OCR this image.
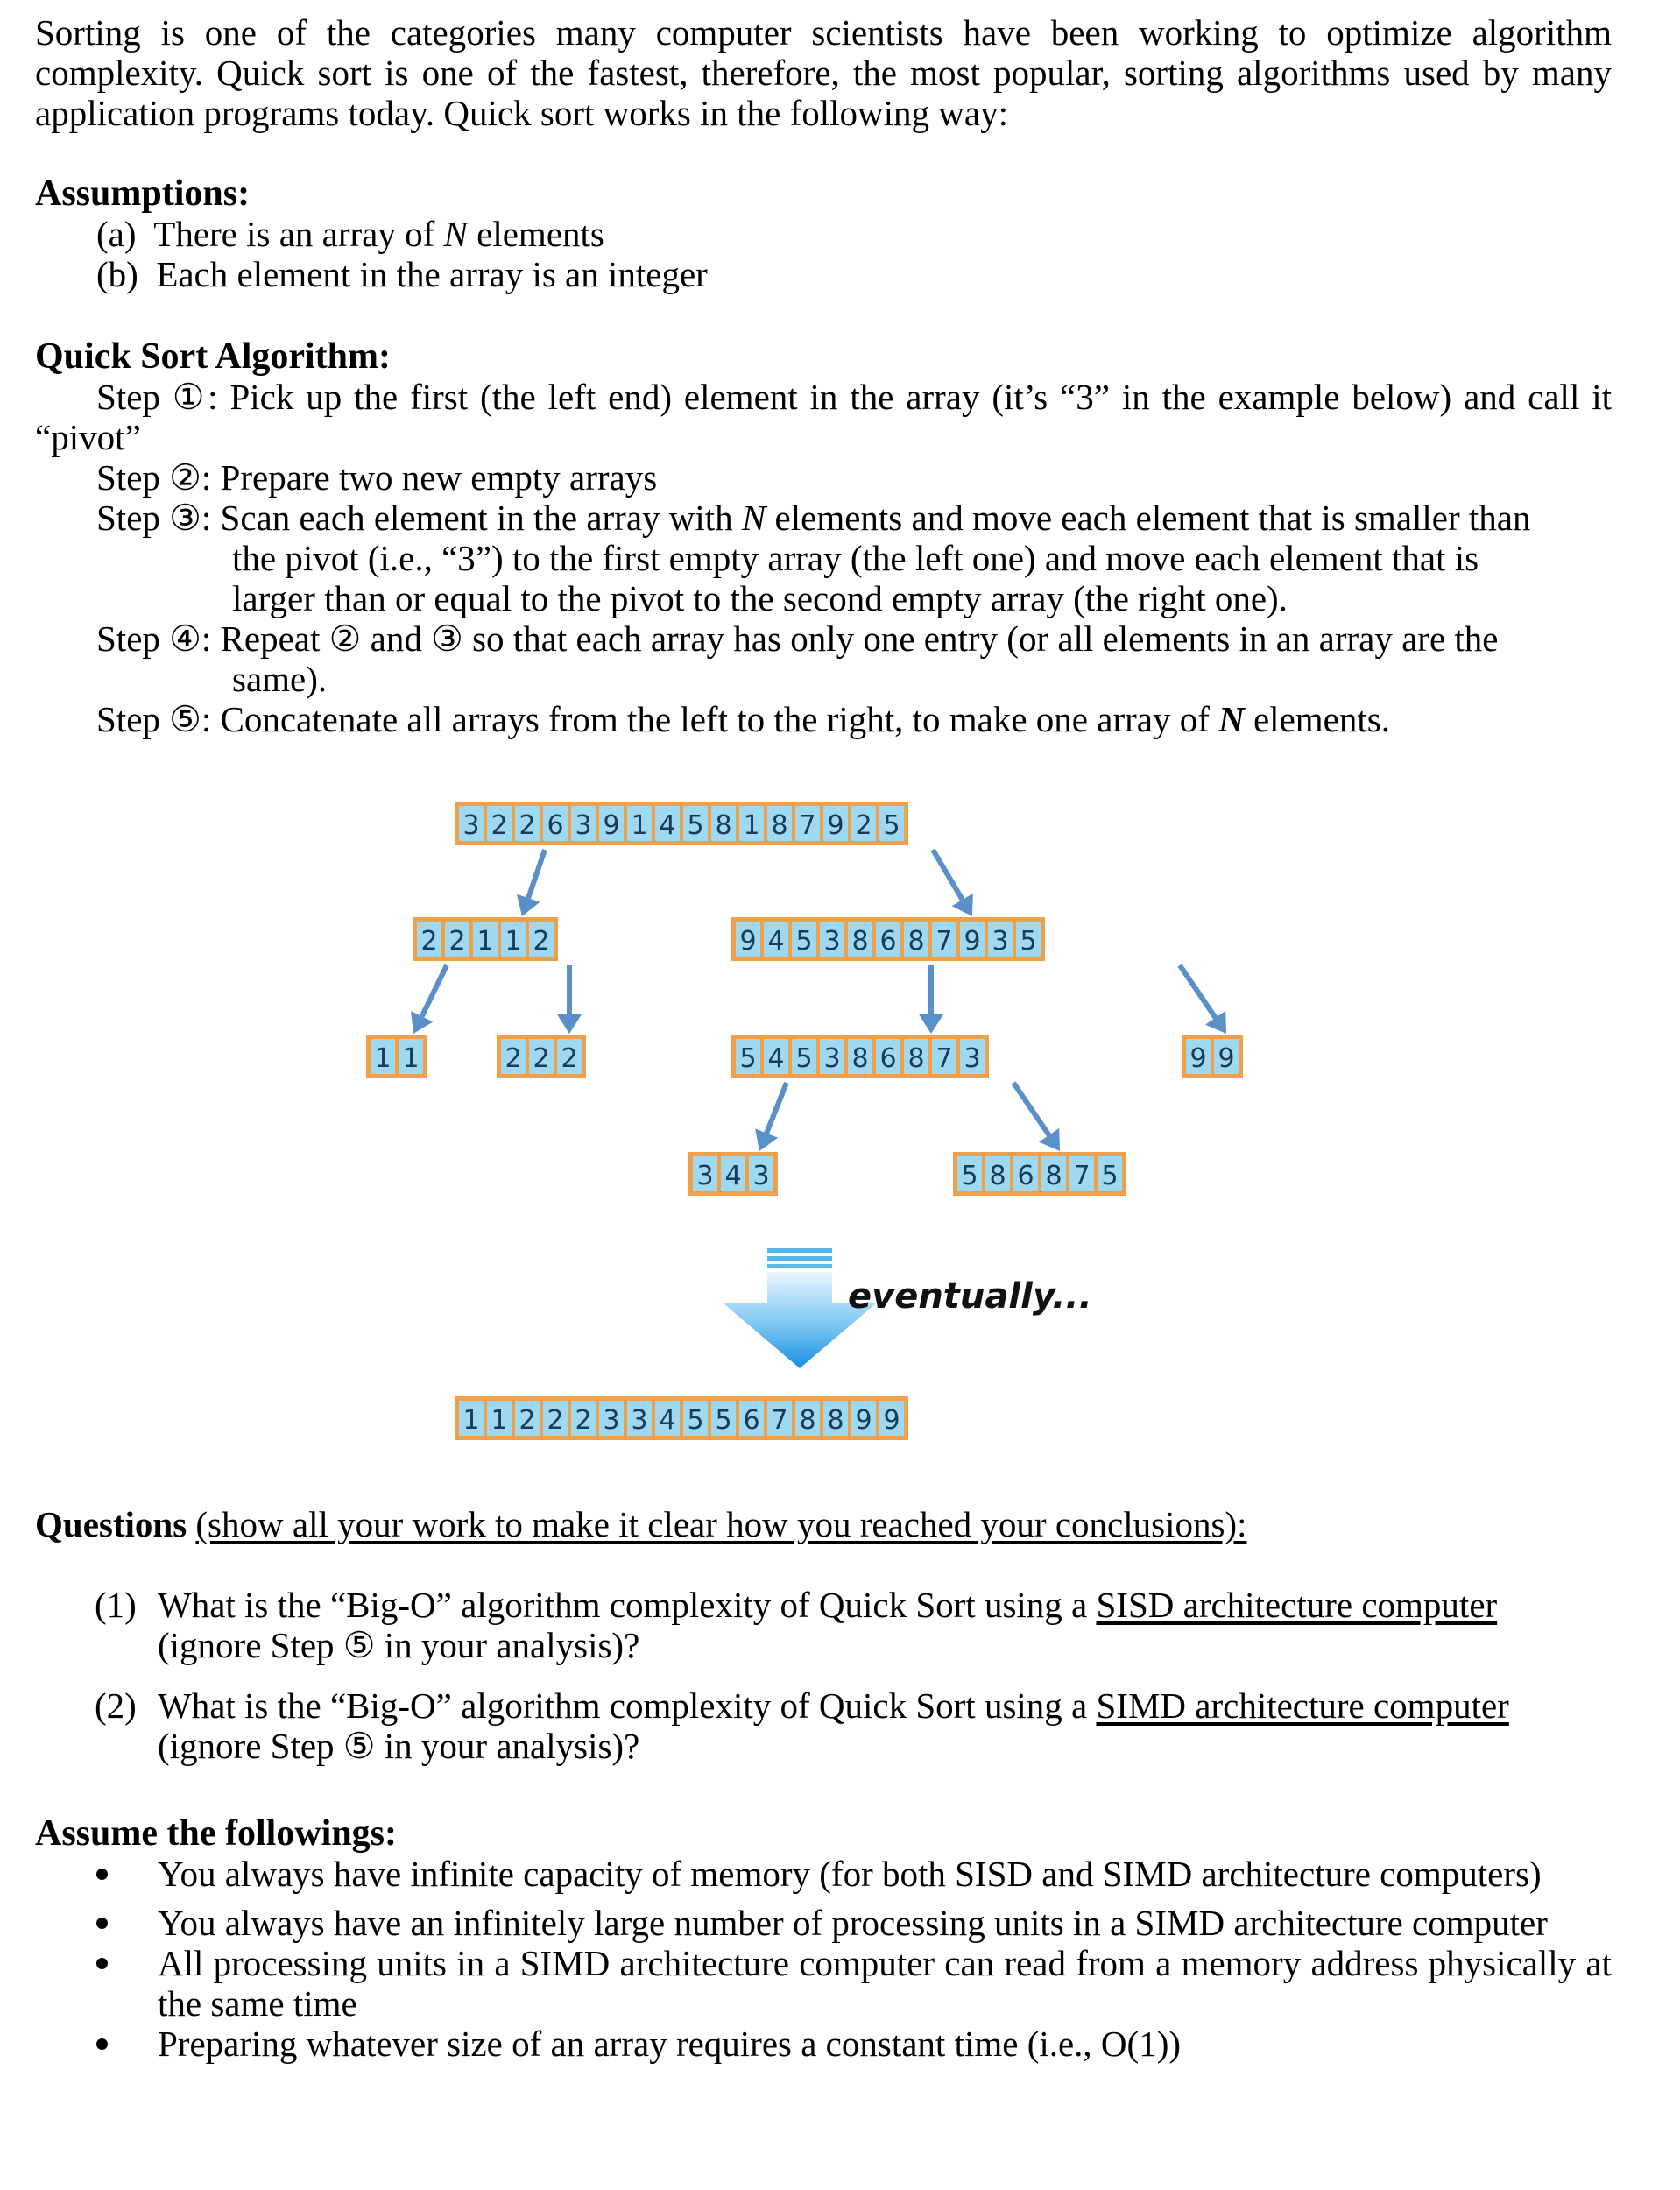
Sorting is one of the categories many computer scientists have been working to optimize algorithm complexity. Quick sort is one of the fastest, therefore, the most popular, sorting algorithms used by many application programs today. Quick sort works in the following way:
Assumptions:
(a) There is an array of N elements
(b) Each element in the array is an integer
Quick Sort Algorithm:
Step ①: Pick up the first (the left end) element in the array (it’s “3” in the example below) and call it “pivot”
Step ②: Prepare two new empty arrays
Step ③: Scan each element in the array with N elements and move each element that is smaller than
the pivot (i.e., “3”) to the first empty array (the left one) and move each element that is
larger than or equal to the pivot to the second empty array (the right one).
Step ④: Repeat ② and ③ so that each array has only one entry (or all elements in an array are the
same).
Step ⑤: Concatenate all arrays from the left to the right, to make one array of N elements.
3 2 2 6 3 9 1 4 5 8 1 8 7 9 2 5
2 2 1 1 2	9 4 5 3 8 6 8 7 9 3 5
1 1	2 2 2	5 4 5 3 8 6 8 7 3	9 9
3 4 3	5 8 6 8 7 5
1 1 2 2 2 3 3 4 5 5 6 7 8 8 9 9
eventually...
Questions (show all your work to make it clear how you reached your conclusions):
(1) What is the “Big-O” algorithm complexity of Quick Sort using a SISD architecture computer
(ignore Step ⑤ in your analysis)?
(2) What is the “Big-O” algorithm complexity of Quick Sort using a SIMD architecture computer
(ignore Step ⑤ in your analysis)?
Assume the followings:
You always have infinite capacity of memory (for both SISD and SIMD architecture computers)
You always have an infinitely large number of processing units in a SIMD architecture computer
All processing units in a SIMD architecture computer can read from a memory address physically at the same time
Preparing whatever size of an array requires a constant time (i.e., O(1))
